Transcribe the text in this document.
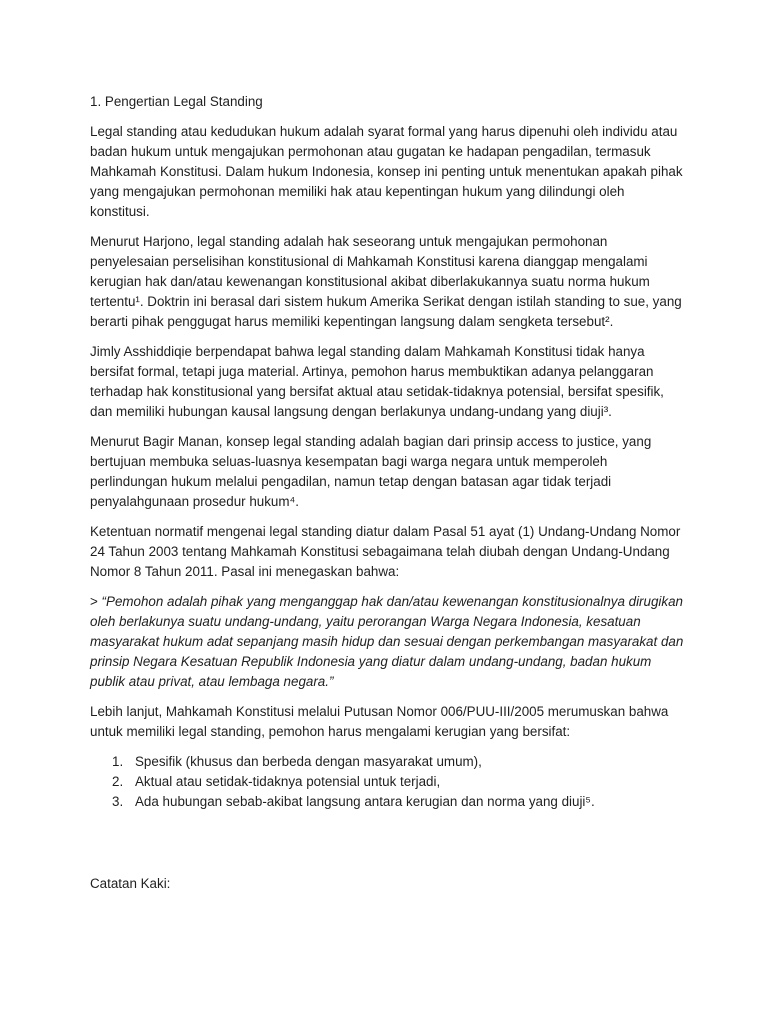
1. Pengertian Legal Standing

Legal standing atau kedudukan hukum adalah syarat formal yang harus dipenuhi oleh individu atau badan hukum untuk mengajukan permohonan atau gugatan ke hadapan pengadilan, termasuk Mahkamah Konstitusi. Dalam hukum Indonesia, konsep ini penting untuk menentukan apakah pihak yang mengajukan permohonan memiliki hak atau kepentingan hukum yang dilindungi oleh konstitusi.

Menurut Harjono, legal standing adalah hak seseorang untuk mengajukan permohonan penyelesaian perselisihan konstitusional di Mahkamah Konstitusi karena dianggap mengalami kerugian hak dan/atau kewenangan konstitusional akibat diberlakukannya suatu norma hukum tertentu¹. Doktrin ini berasal dari sistem hukum Amerika Serikat dengan istilah standing to sue, yang berarti pihak penggugat harus memiliki kepentingan langsung dalam sengketa tersebut².

Jimly Asshiddiqie berpendapat bahwa legal standing dalam Mahkamah Konstitusi tidak hanya bersifat formal, tetapi juga material. Artinya, pemohon harus membuktikan adanya pelanggaran terhadap hak konstitusional yang bersifat aktual atau setidak-tidaknya potensial, bersifat spesifik, dan memiliki hubungan kausal langsung dengan berlakunya undang-undang yang diuji³.

Menurut Bagir Manan, konsep legal standing adalah bagian dari prinsip access to justice, yang bertujuan membuka seluas-luasnya kesempatan bagi warga negara untuk memperoleh perlindungan hukum melalui pengadilan, namun tetap dengan batasan agar tidak terjadi penyalahgunaan prosedur hukum⁴.

Ketentuan normatif mengenai legal standing diatur dalam Pasal 51 ayat (1) Undang-Undang Nomor 24 Tahun 2003 tentang Mahkamah Konstitusi sebagaimana telah diubah dengan Undang-Undang Nomor 8 Tahun 2011. Pasal ini menegaskan bahwa:

> “Pemohon adalah pihak yang menganggap hak dan/atau kewenangan konstitusionalnya dirugikan oleh berlakunya suatu undang-undang, yaitu perorangan Warga Negara Indonesia, kesatuan masyarakat hukum adat sepanjang masih hidup dan sesuai dengan perkembangan masyarakat dan prinsip Negara Kesatuan Republik Indonesia yang diatur dalam undang-undang, badan hukum publik atau privat, atau lembaga negara.”

Lebih lanjut, Mahkamah Konstitusi melalui Putusan Nomor 006/PUU-III/2005 merumuskan bahwa untuk memiliki legal standing, pemohon harus mengalami kerugian yang bersifat:

1. Spesifik (khusus dan berbeda dengan masyarakat umum),
2. Aktual atau setidak-tidaknya potensial untuk terjadi,
3. Ada hubungan sebab-akibat langsung antara kerugian dan norma yang diuji⁵.

Catatan Kaki:
